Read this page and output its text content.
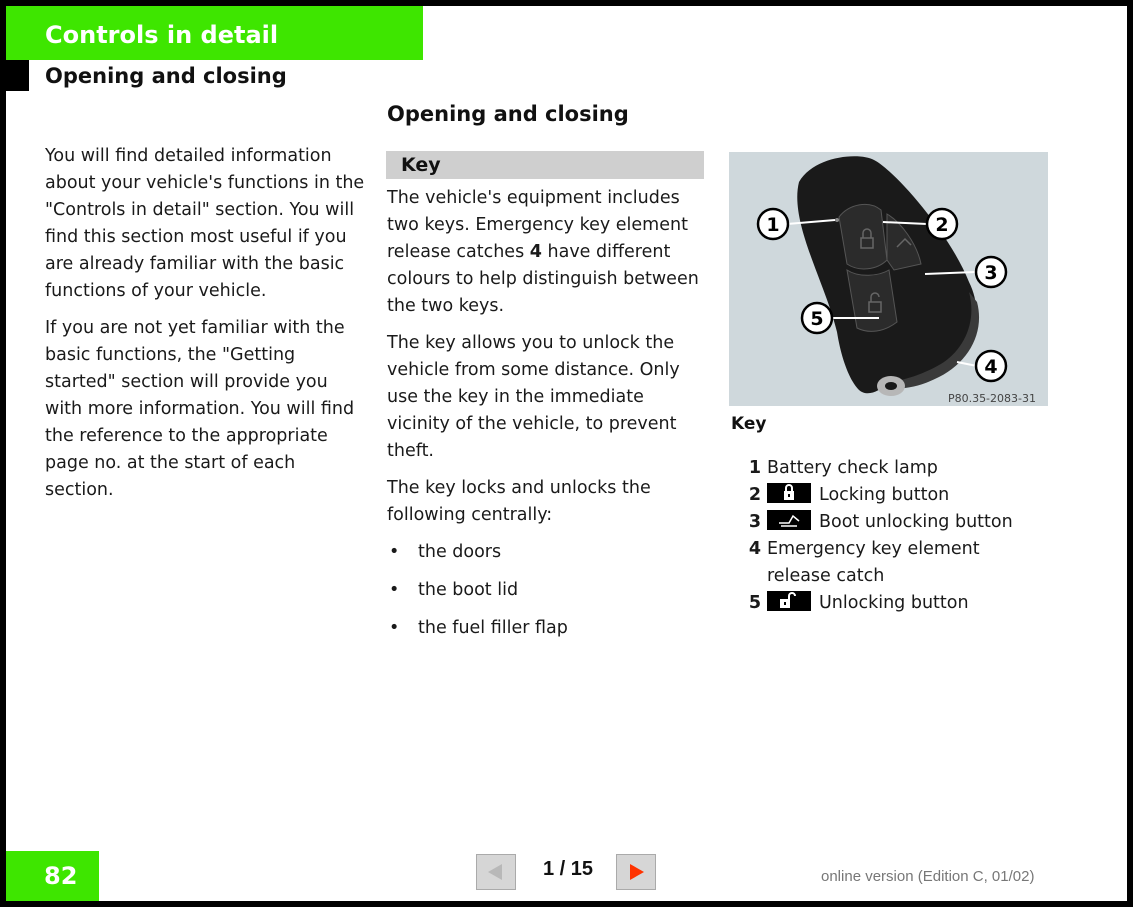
Controls in detail
Opening and closing

You will find detailed information about your vehicle's functions in the "Controls in detail" section. You will find this section most useful if you are already familiar with the basic functions of your vehicle.

If you are not yet familiar with the basic functions, the "Getting started" section will provide you with more information. You will find the reference to the appropriate page no. at the start of each section.

Opening and closing
Key

The vehicle's equipment includes two keys. Emergency key element release catches 4 have different colours to help distinguish between the two keys.

The key allows you to unlock the vehicle from some distance. Only use the key in the immediate vicinity of the vehicle, to prevent theft.

The key locks and unlocks the following centrally:

• the doors
• the boot lid
• the fuel filler flap
1	2
3
4
5
P80.35-2083-31
Key
1 Battery check lamp
2	Locking button
3	Boot unlocking button
4 Emergency key element release catch
5	Unlocking button
82	1 / 15	online version (Edition C, 01/02)
